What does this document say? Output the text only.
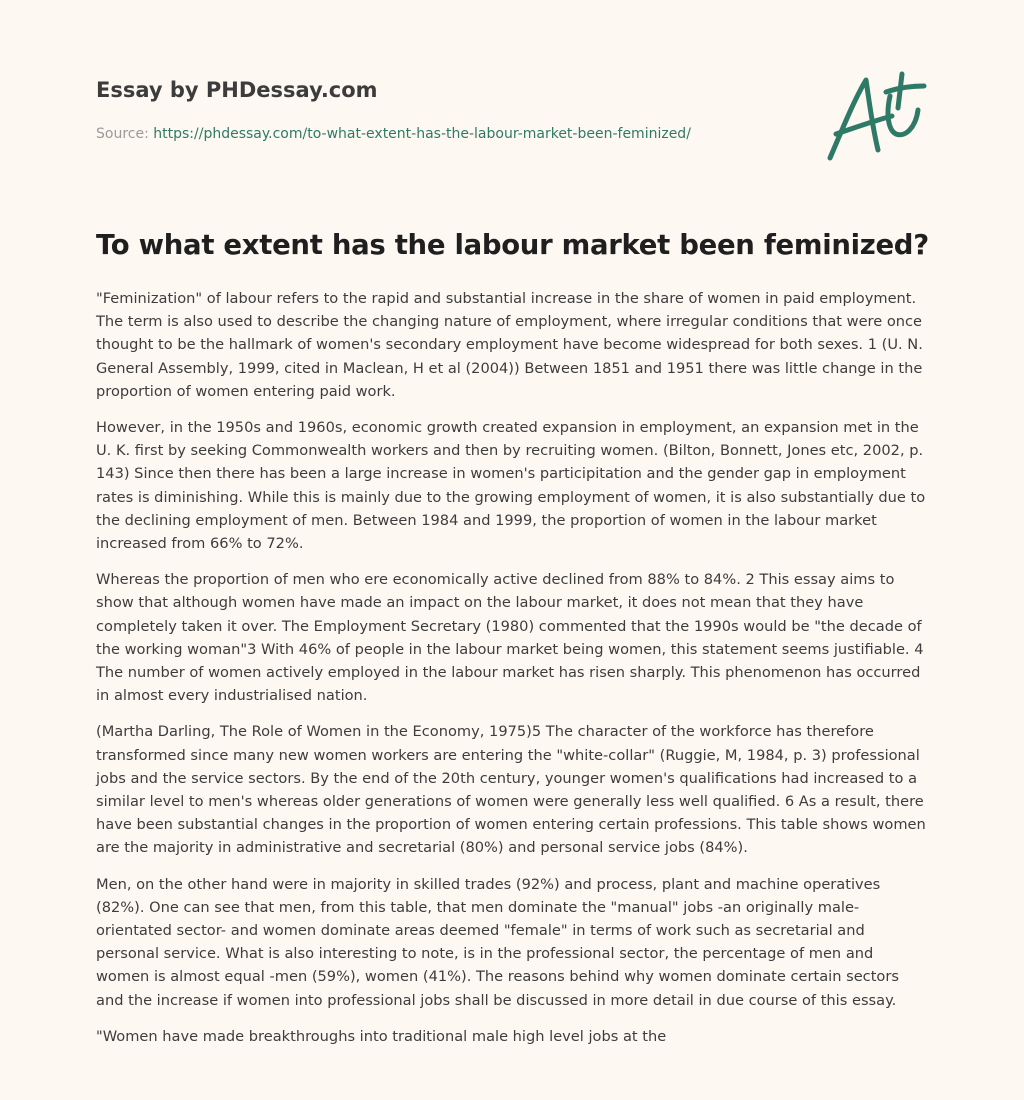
Essay by PHDessay.com

Source: https://phdessay.com/to-what-extent-has-the-labour-market-been-feminized/
To what extent has the labour market been feminized?

"Feminization" of labour refers to the rapid and substantial increase in the share of women in paid employment. The term is also used to describe the changing nature of employment, where irregular conditions that were once thought to be the hallmark of women's secondary employment have become widespread for both sexes. 1 (U. N. General Assembly, 1999, cited in Maclean, H et al (2004)) Between 1851 and 1951 there was little change in the proportion of women entering paid work.

However, in the 1950s and 1960s, economic growth created expansion in employment, an expansion met in the U. K. first by seeking Commonwealth workers and then by recruiting women. (Bilton, Bonnett, Jones etc, 2002, p. 143) Since then there has been a large increase in women's participitation and the gender gap in employment rates is diminishing. While this is mainly due to the growing employment of women, it is also substantially due to the declining employment of men. Between 1984 and 1999, the proportion of women in the labour market increased from 66% to 72%.

Whereas the proportion of men who ere economically active declined from 88% to 84%. 2 This essay aims to show that although women have made an impact on the labour market, it does not mean that they have completely taken it over. The Employment Secretary (1980) commented that the 1990s would be "the decade of the working woman"3 With 46% of people in the labour market being women, this statement seems justifiable. 4 The number of women actively employed in the labour market has risen sharply. This phenomenon has occurred in almost every industrialised nation.

(Martha Darling, The Role of Women in the Economy, 1975)5 The character of the workforce has therefore transformed since many new women workers are entering the "white-collar" (Ruggie, M, 1984, p. 3) professional jobs and the service sectors. By the end of the 20th century, younger women's qualifications had increased to a similar level to men's whereas older generations of women were generally less well qualified. 6 As a result, there have been substantial changes in the proportion of women entering certain professions. This table shows women are the majority in administrative and secretarial (80%) and personal service jobs (84%).

Men, on the other hand were in majority in skilled trades (92%) and process, plant and machine operatives (82%). One can see that men, from this table, that men dominate the "manual" jobs -an originally male-orientated sector- and women dominate areas deemed "female" in terms of work such as secretarial and personal service. What is also interesting to note, is in the professional sector, the percentage of men and women is almost equal -men (59%), women (41%). The reasons behind why women dominate certain sectors and the increase if women into professional jobs shall be discussed in more detail in due course of this essay.

"Women have made breakthroughs into traditional male high level jobs at the
